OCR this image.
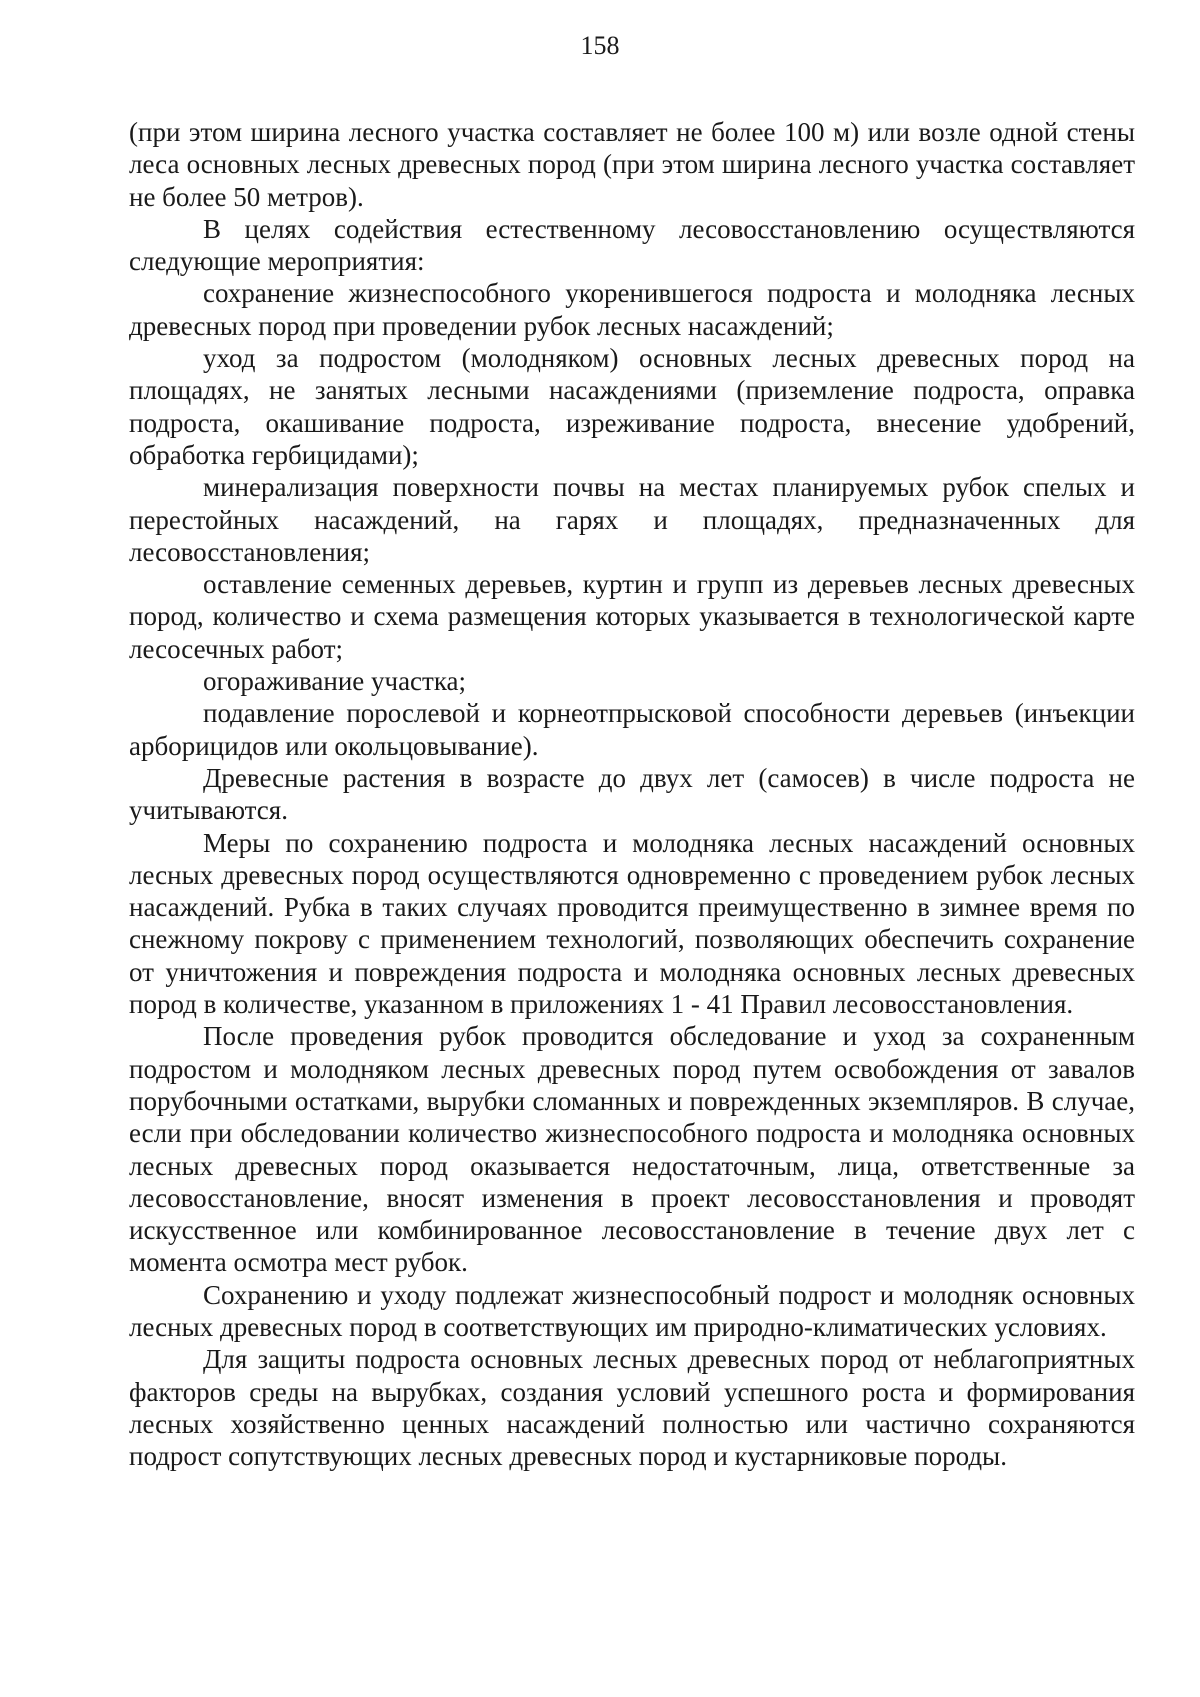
158

(при этом ширина лесного участка составляет не более 100 м) или возле одной стены леса основных лесных древесных пород (при этом ширина лесного участка составляет не более 50 метров).

В целях содействия естественному лесовосстановлению осуществляются следующие мероприятия:

сохранение жизнеспособного укоренившегося подроста и молодняка лесных древесных пород при проведении рубок лесных насаждений;

уход за подростом (молодняком) основных лесных древесных пород на площадях, не занятых лесными насаждениями (приземление подроста, оправка подроста, окашивание подроста, изреживание подроста, внесение удобрений, обработка гербицидами);

минерализация поверхности почвы на местах планируемых рубок спелых и перестойных насаждений, на гарях и площадях, предназначенных для лесовосстановления;

оставление семенных деревьев, куртин и групп из деревьев лесных древесных пород, количество и схема размещения которых указывается в технологической карте лесосечных работ;

огораживание участка;

подавление порослевой и корнеотпрысковой способности деревьев (инъекции арборицидов или окольцовывание).

Древесные растения в возрасте до двух лет (самосев) в числе подроста не учитываются.

Меры по сохранению подроста и молодняка лесных насаждений основных лесных древесных пород осуществляются одновременно с проведением рубок лесных насаждений. Рубка в таких случаях проводится преимущественно в зимнее время по снежному покрову с применением технологий, позволяющих обеспечить сохранение от уничтожения и повреждения подроста и молодняка основных лесных древесных пород в количестве, указанном в приложениях 1 - 41 Правил лесовосстановления.

После проведения рубок проводится обследование и уход за сохраненным подростом и молодняком лесных древесных пород путем освобождения от завалов порубочными остатками, вырубки сломанных и поврежденных экземпляров. В случае, если при обследовании количество жизнеспособного подроста и молодняка основных лесных древесных пород оказывается недостаточным, лица, ответственные за лесовосстановление, вносят изменения в проект лесовосстановления и проводят искусственное или комбинированное лесовосстановление в течение двух лет с момента осмотра мест рубок.

Сохранению и уходу подлежат жизнеспособный подрост и молодняк основных лесных древесных пород в соответствующих им природно-климатических условиях.

Для защиты подроста основных лесных древесных пород от неблагоприятных факторов среды на вырубках, создания условий успешного роста и формирования лесных хозяйственно ценных насаждений полностью или частично сохраняются подрост сопутствующих лесных древесных пород и кустарниковые породы.
